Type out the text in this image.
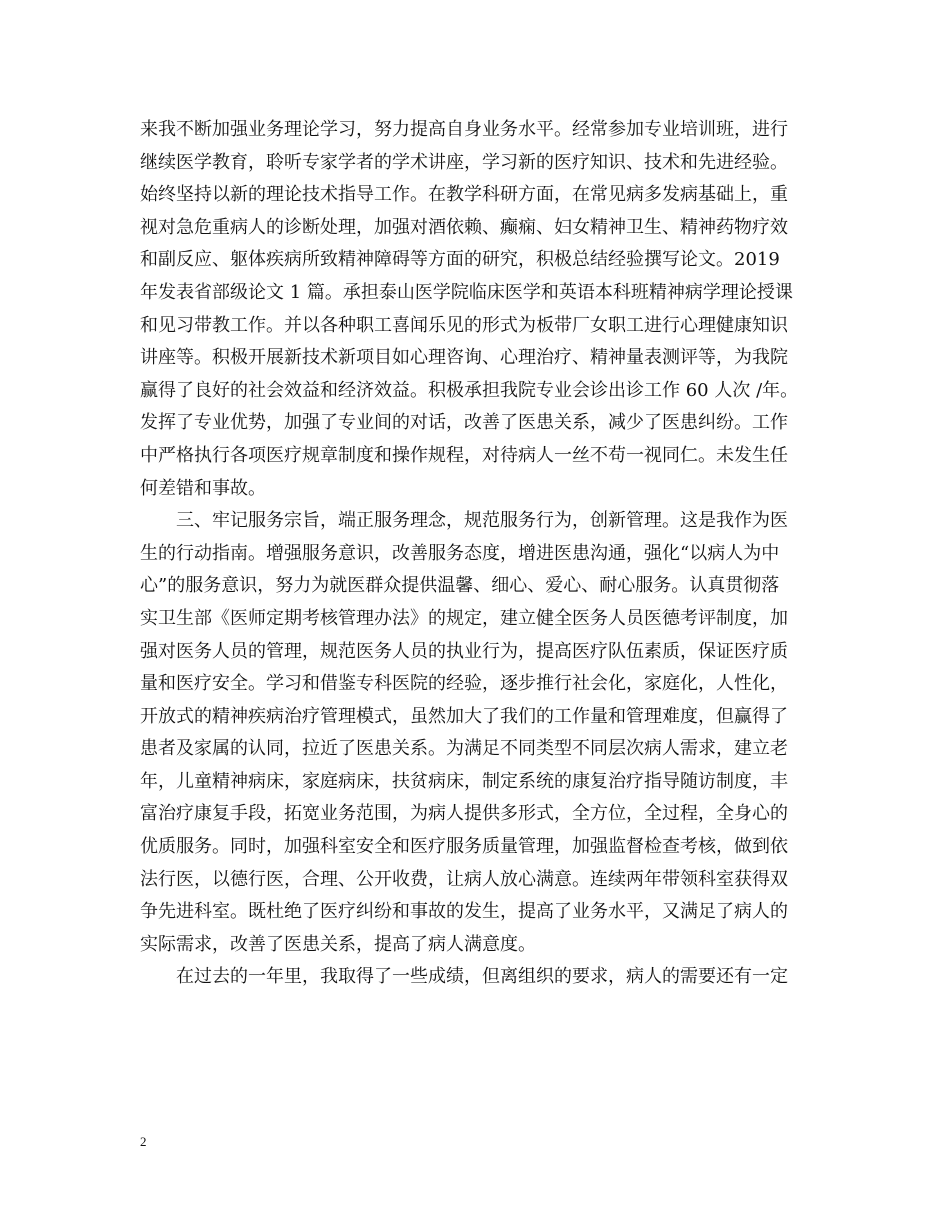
来我不断加强业务理论学习，努力提高自身业务水平。经常参加专业培训班，进行
继续医学教育，聆听专家学者的学术讲座，学习新的医疗知识、技术和先进经验。
始终坚持以新的理论技术指导工作。在教学科研方面，在常见病多发病基础上，重
视对急危重病人的诊断处理，加强对酒依赖、癫痫、妇女精神卫生、精神药物疗效
和副反应、躯体疾病所致精神障碍等方面的研究，积极总结经验撰写论文。2019
年发表省部级论文 1 篇。承担泰山医学院临床医学和英语本科班精神病学理论授课
和见习带教工作。并以各种职工喜闻乐见的形式为板带厂女职工进行心理健康知识
讲座等。积极开展新技术新项目如心理咨询、心理治疗、精神量表测评等，为我院
赢得了良好的社会效益和经济效益。积极承担我院专业会诊出诊工作 60 人次 /年。
发挥了专业优势，加强了专业间的对话，改善了医患关系，减少了医患纠纷。工作
中严格执行各项医疗规章制度和操作规程，对待病人一丝不苟一视同仁。未发生任
何差错和事故。
三、牢记服务宗旨，端正服务理念，规范服务行为，创新管理。这是我作为医
生的行动指南。增强服务意识，改善服务态度，增进医患沟通，强化“以病人为中
心”的服务意识，努力为就医群众提供温馨、细心、爱心、耐心服务。认真贯彻落
实卫生部《医师定期考核管理办法》的规定，建立健全医务人员医德考评制度，加
强对医务人员的管理，规范医务人员的执业行为，提高医疗队伍素质，保证医疗质
量和医疗安全。学习和借鉴专科医院的经验，逐步推行社会化，家庭化，人性化，
开放式的精神疾病治疗管理模式，虽然加大了我们的工作量和管理难度，但赢得了
患者及家属的认同，拉近了医患关系。为满足不同类型不同层次病人需求，建立老
年，儿童精神病床，家庭病床，扶贫病床，制定系统的康复治疗指导随访制度，丰
富治疗康复手段，拓宽业务范围，为病人提供多形式，全方位，全过程，全身心的
优质服务。同时，加强科室安全和医疗服务质量管理，加强监督检查考核，做到依
法行医，以德行医，合理、公开收费，让病人放心满意。连续两年带领科室获得双
争先进科室。既杜绝了医疗纠纷和事故的发生，提高了业务水平，又满足了病人的
实际需求，改善了医患关系，提高了病人满意度。
在过去的一年里，我取得了一些成绩，但离组织的要求，病人的需要还有一定
2
